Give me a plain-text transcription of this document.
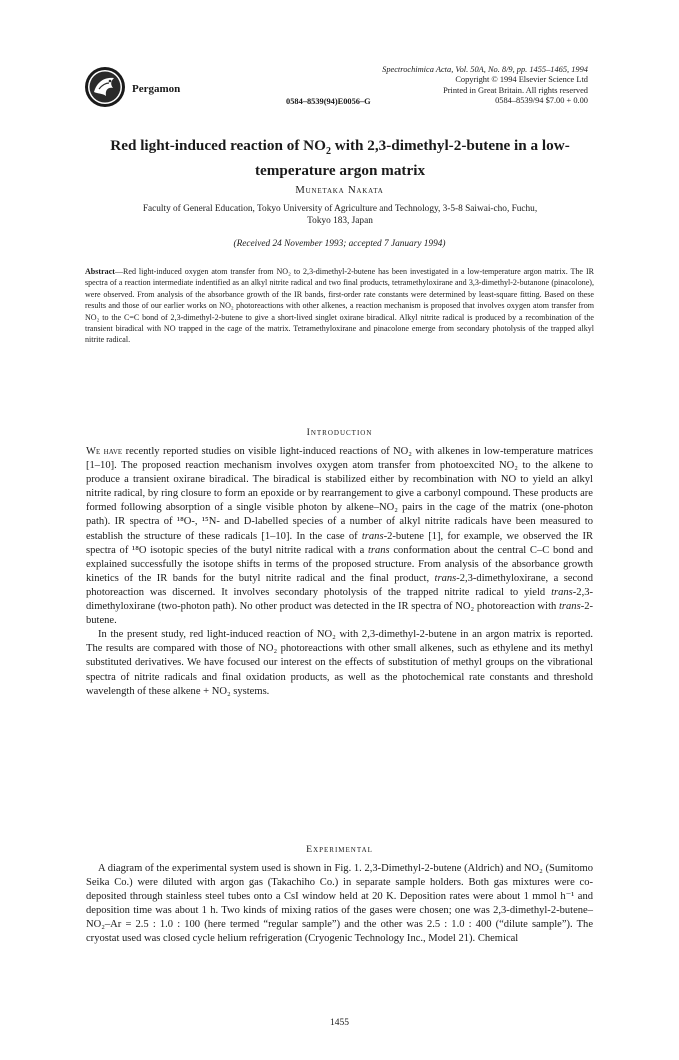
Pergamon
Spectrochimica Acta, Vol. 50A, No. 8/9, pp. 1455–1465, 1994
Copyright © 1994 Elsevier Science Ltd
Printed in Great Britain. All rights reserved
0584–8539/94 $7.00 + 0.00
0584–8539(94)E0056–G
Red light-induced reaction of $NO_2$ with 2,3-dimethyl-2-butene in a low-temperature argon matrix
Munetaka Nakata
Faculty of General Education, Tokyo University of Agriculture and Technology, 3-5-8 Saiwai-cho, Fuchu,
Tokyo 183, Japan
(Received 24 November 1993; accepted 7 January 1994)
Abstract—Red light-induced oxygen atom transfer from NO₂ to 2,3-dimethyl-2-butene has been investigated in a low-temperature argon matrix. The IR spectra of a reaction intermediate indentified as an alkyl nitrite radical and two final products, tetramethyloxirane and 3,3-dimethyl-2-butanone (pinacolone), were observed. From analysis of the absorbance growth of the IR bands, first-order rate constants were determined by least-square fitting. Based on these results and those of our earlier works on NO₂ photoreactions with other alkenes, a reaction mechanism is proposed that involves oxygen atom transfer from NO₂ to the C=C bond of 2,3-dimethyl-2-butene to give a short-lived singlet oxirane biradical. Alkyl nitrite radical is produced by a recombination of the transient biradical with NO trapped in the cage of the matrix. Tetramethyloxirane and pinacolone emerge from secondary photolysis of the trapped alkyl nitrite radical.
Introduction

We have recently reported studies on visible light-induced reactions of NO₂ with alkenes in low-temperature matrices [1–10]. The proposed reaction mechanism involves oxygen atom transfer from photoexcited NO₂ to the alkene to produce a transient oxirane biradical. The biradical is stabilized either by recombination with NO to yield an alkyl nitrite radical, by ring closure to form an epoxide or by rearrangement to give a carbonyl compound. These products are formed following absorption of a single visible photon by alkene–NO₂ pairs in the cage of the matrix (one-photon path). IR spectra of ¹⁸O-, ¹⁵N- and D-labelled species of a number of alkyl nitrite radicals have been measured to establish the structure of these radicals [1–10]. In the case of trans-2-butene [1], for example, we observed the IR spectra of ¹⁸O isotopic species of the butyl nitrite radical with a trans conformation about the central C–C bond and explained successfully the isotope shifts in terms of the proposed structure. From analysis of the absorbance growth kinetics of the IR bands for the butyl nitrite radical and the final product, trans-2,3-dimethyloxirane, a second photoreaction was discerned. It involves secondary photolysis of the trapped nitrite radical to yield trans-2,3-dimethyloxirane (two-photon path). No other product was detected in the IR spectra of NO₂ photoreaction with trans-2-butene.

In the present study, red light-induced reaction of NO₂ with 2,3-dimethyl-2-butene in an argon matrix is reported. The results are compared with those of NO₂ photoreactions with other small alkenes, such as ethylene and its methyl substituted derivatives. We have focused our interest on the effects of substitution of methyl groups on the vibrational spectra of nitrite radicals and final oxidation products, as well as the photochemical rate constants and threshold wavelength of these alkene + NO₂ systems.

Experimental

A diagram of the experimental system used is shown in Fig. 1. 2,3-Dimethyl-2-butene (Aldrich) and NO₂ (Sumitomo Seika Co.) were diluted with argon gas (Takachiho Co.) in separate sample holders. Both gas mixtures were co-deposited through stainless steel tubes onto a CsI window held at 20 K. Deposition rates were about 1 mmol h⁻¹ and deposition time was about 1 h. Two kinds of mixing ratios of the gases were chosen; one was 2,3-dimethyl-2-butene–NO₂–Ar = 2.5 : 1.0 : 100 (here termed “regular sample”) and the other was 2.5 : 1.0 : 400 (“dilute sample”). The cryostat used was closed cycle helium refrigeration (Cryogenic Technology Inc., Model 21). Chemical

1455
